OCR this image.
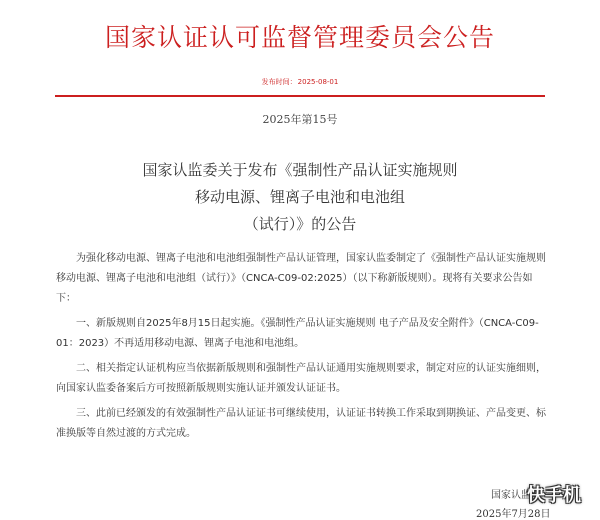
国家认证认可监督管理委员会公告
发布时间：2025-08-01
2025年第15号
国家认监委关于发布《强制性产品认证实施规则
移动电源、锂离子电池和电池组
（试行）》的公告

为强化移动电源、锂离子电池和电池组强制性产品认证管理，国家认监委制定了《强制性产品认证实施规则 移动电源、锂离子电池和电池组（试行）》（CNCA-C09-02:2025）（以下称新版规则）。现将有关要求公告如下：

一、新版规则自2025年8月15日起实施。《强制性产品认证实施规则 电子产品及安全附件》（CNCA-C09-01：2023）不再适用移动电源、锂离子电池和电池组。

二、相关指定认证机构应当依据新版规则和强制性产品认证通用实施规则要求，制定对应的认证实施细则，向国家认监委备案后方可按照新版规则实施认证并颁发认证证书。

三、此前已经颁发的有效强制性产品认证证书可继续使用，认证证书转换工作采取到期换证、产品变更、标准换版等自然过渡的方式完成。

国家认监委
2025年7月28日
快手机
